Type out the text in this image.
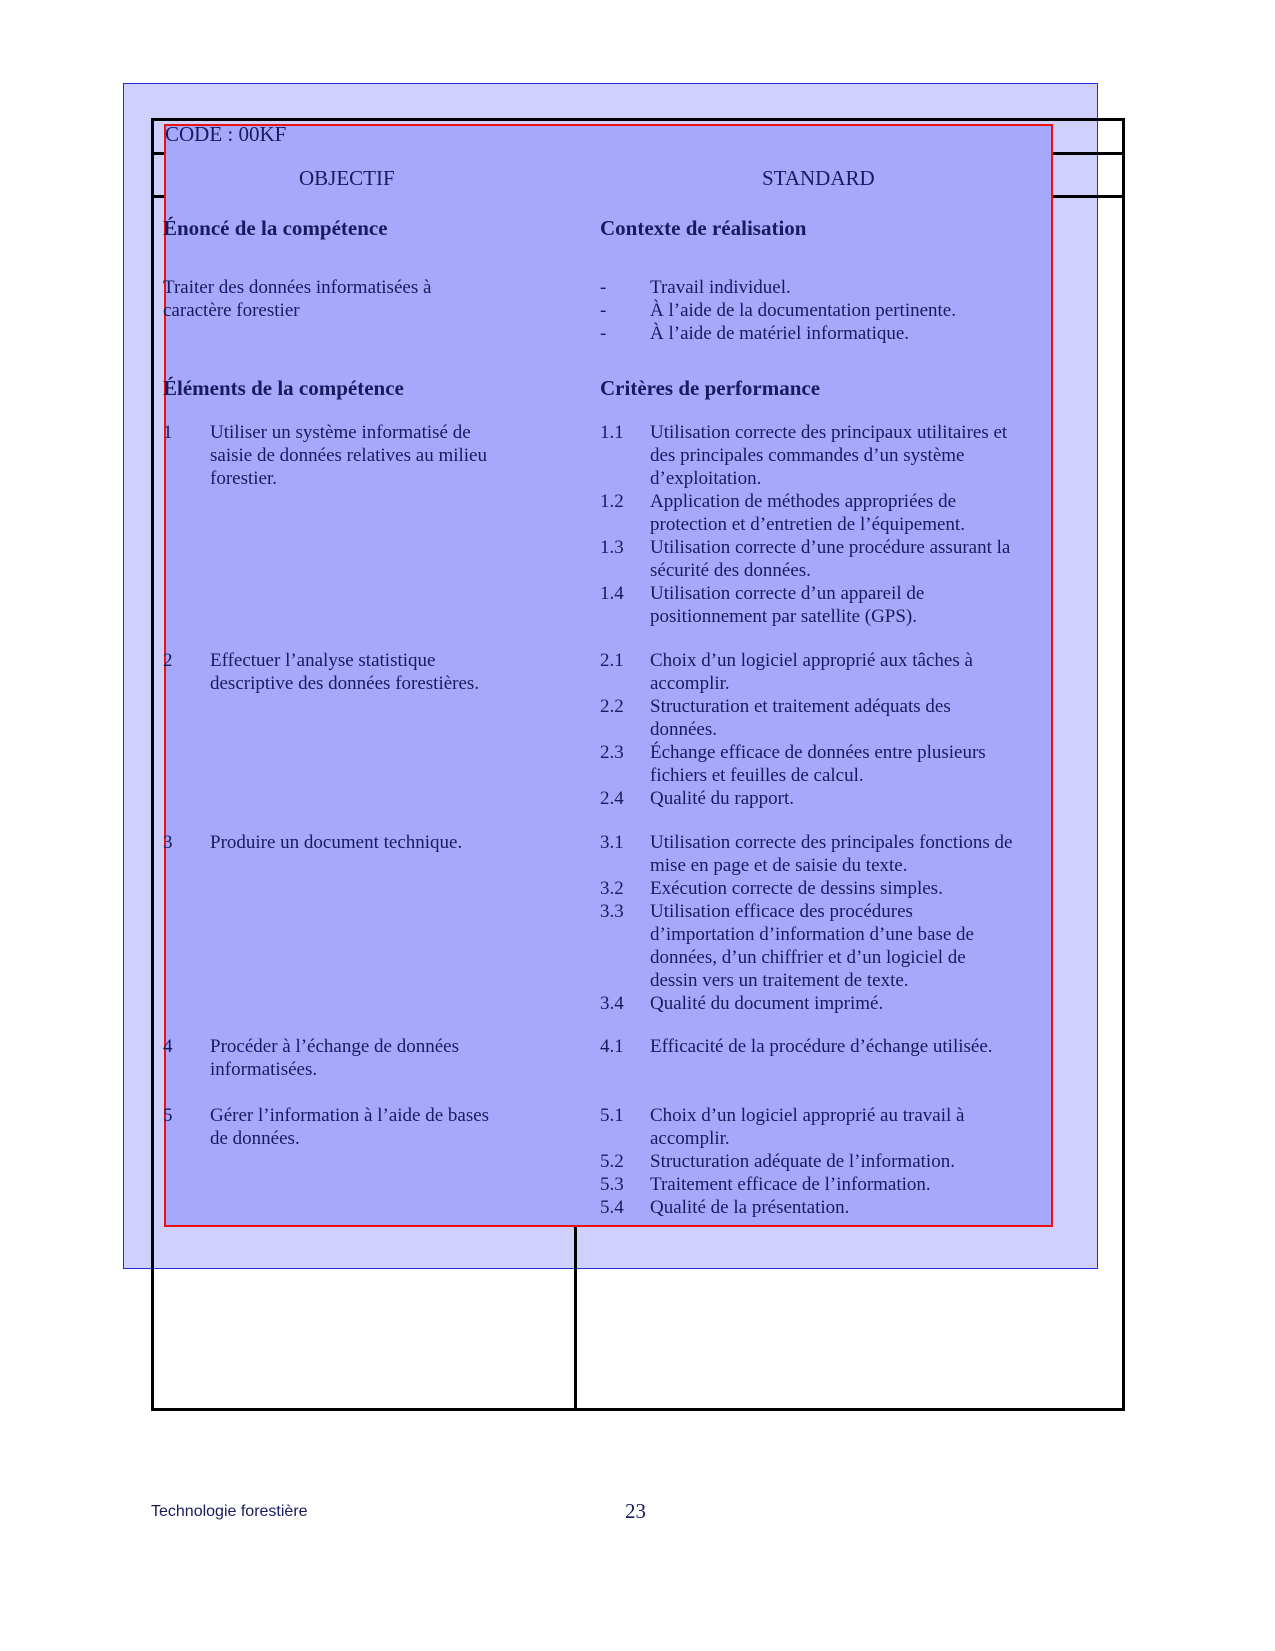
CODE : 00KF
OBJECTIF	STANDARD
Énoncé de la compétence
Traiter des données informatisées à
caractère forestier
Éléments de la compétence
1 Utiliser un système informatisé de
saisie de données relatives au milieu
forestier.
2 Effectuer l’analyse statistique
descriptive des données forestières.
3 Produire un document technique.
4 Procéder à l’échange de données
informatisées.
5 Gérer l’information à l’aide de bases
de données.
Contexte de réalisation
- Travail individuel.
- À l’aide de la documentation pertinente.
- À l’aide de matériel informatique.
Critères de performance
1.1 Utilisation correcte des principaux utilitaires et
des principales commandes d’un système
d’exploitation.
1.2 Application de méthodes appropriées de
protection et d’entretien de l’équipement.
1.3 Utilisation correcte d’une procédure assurant la
sécurité des données.
1.4 Utilisation correcte d’un appareil de
positionnement par satellite (GPS).
2.1 Choix d’un logiciel approprié aux tâches à
accomplir.
2.2 Structuration et traitement adéquats des
données.
2.3 Échange efficace de données entre plusieurs
fichiers et feuilles de calcul.
2.4 Qualité du rapport.
3.1 Utilisation correcte des principales fonctions de
mise en page et de saisie du texte.
3.2 Exécution correcte de dessins simples.
3.3 Utilisation efficace des procédures
d’importation d’information d’une base de
données, d’un chiffrier et d’un logiciel de
dessin vers un traitement de texte.
3.4 Qualité du document imprimé.
4.1 Efficacité de la procédure d’échange utilisée.
5.1 Choix d’un logiciel approprié au travail à
accomplir.
5.2 Structuration adéquate de l’information.
5.3 Traitement efficace de l’information.
5.4 Qualité de la présentation.
Technologie forestière	23
